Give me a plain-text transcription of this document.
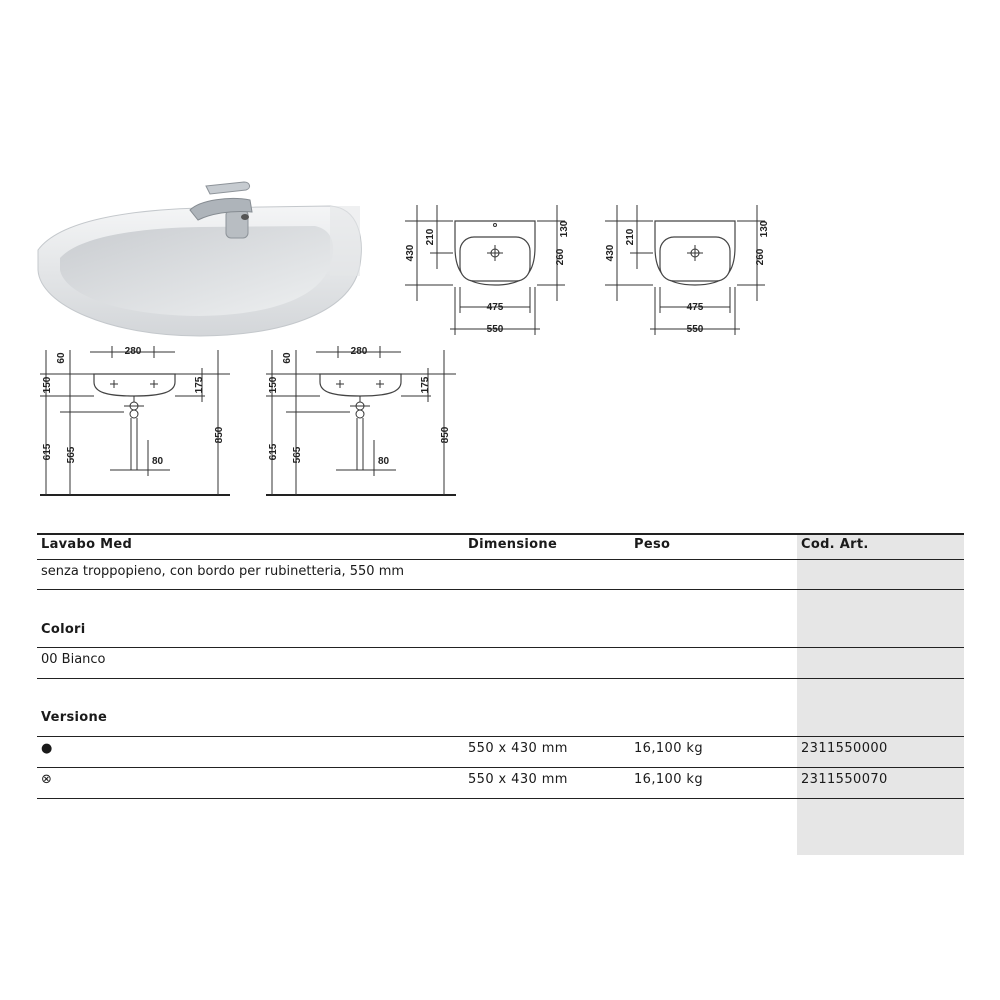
430
210	130
260
475
550
430
210	130
260
475
550
280
60
150
615 565
175
850
80
280
60
150
615 565
175
850
80
Lavabo Med	Dimensione	Peso	Cod. Art.
senza troppopieno, con bordo per rubinetteria, 550 mm
Colori
00 Bianco
Versione
●	550 x 430 mm	16,100 kg	2311550000
⊗	550 x 430 mm	16,100 kg	2311550070
